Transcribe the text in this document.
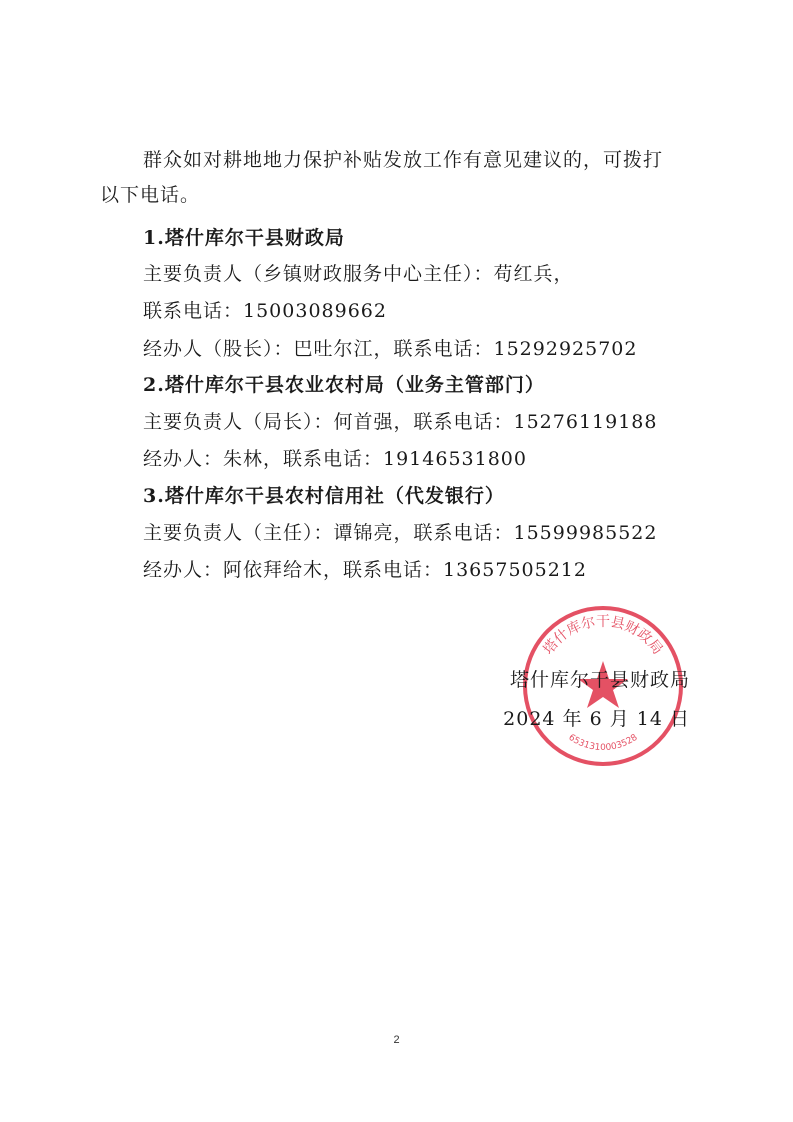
群众如对耕地地力保护补贴发放工作有意见建议的，可拨打
以下电话。
1.塔什库尔干县财政局
主要负责人（乡镇财政服务中心主任）：苟红兵，
联系电话：15003089662
经办人（股长）：巴吐尔江，联系电话：15292925702
2.塔什库尔干县农业农村局（业务主管部门）
主要负责人（局长）：何首强，联系电话：15276119188
经办人：朱林，联系电话：19146531800
3.塔什库尔干县农村信用社（代发银行）
主要负责人（主任）：谭锦亮，联系电话：15599985522
经办人：阿依拜给木，联系电话：13657505212
塔什库尔干县财政局
6531310003528
塔什库尔干县财政局
2024 年 6 月 14 日
2
